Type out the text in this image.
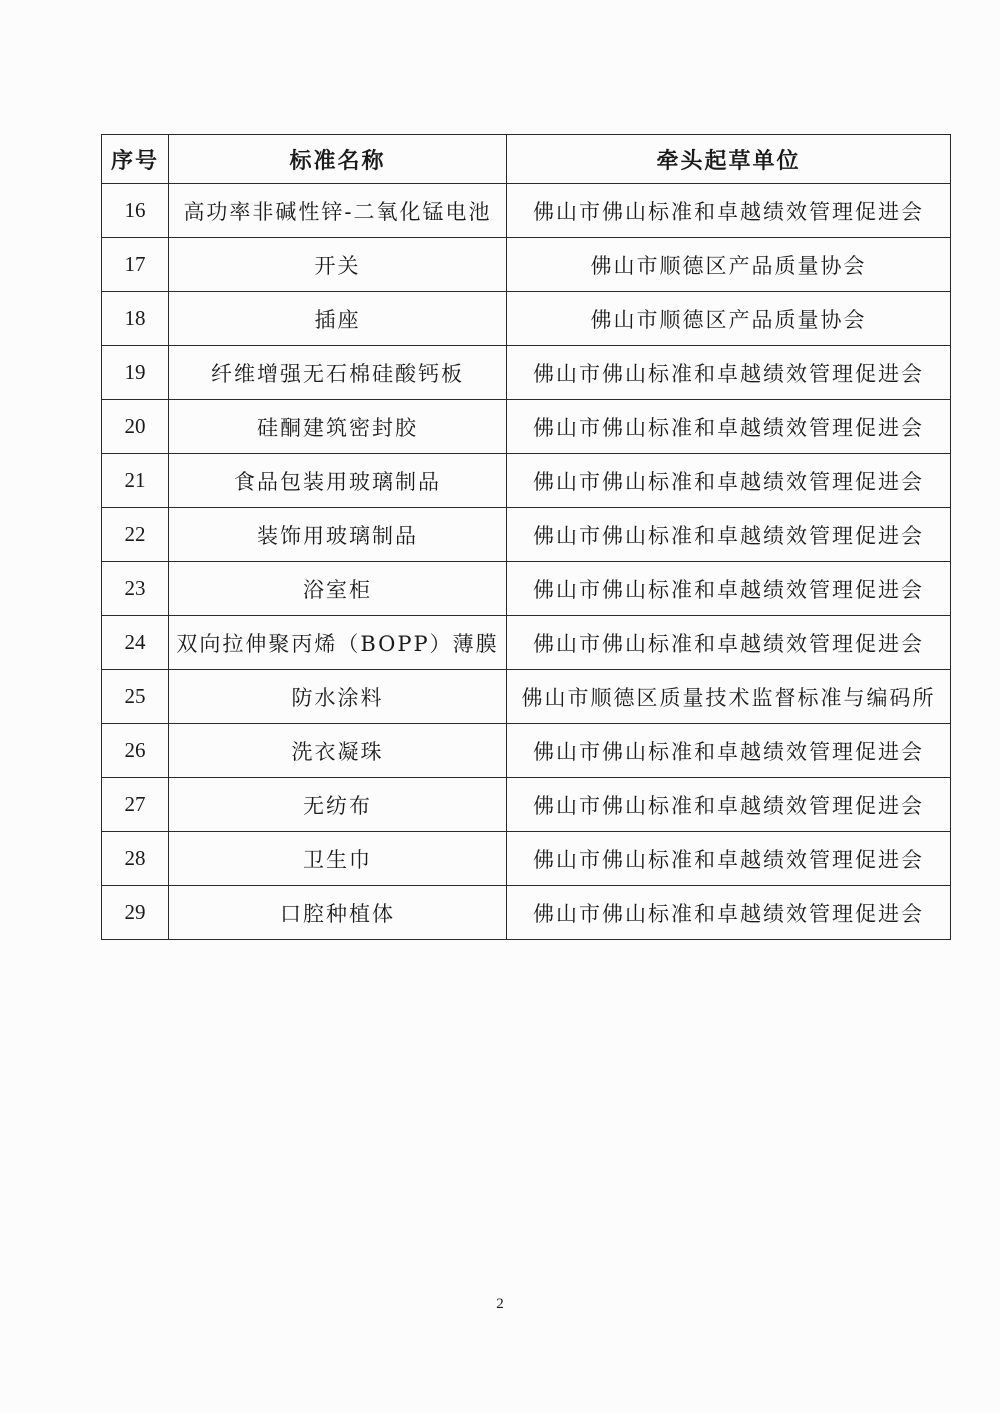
序号	标准名称	牵头起草单位
16	高功率非碱性锌-二氧化锰电池	佛山市佛山标准和卓越绩效管理促进会
17	开关	佛山市顺德区产品质量协会
18	插座	佛山市顺德区产品质量协会
19	纤维增强无石棉硅酸钙板	佛山市佛山标准和卓越绩效管理促进会
20	硅酮建筑密封胶	佛山市佛山标准和卓越绩效管理促进会
21	食品包装用玻璃制品	佛山市佛山标准和卓越绩效管理促进会
22	装饰用玻璃制品	佛山市佛山标准和卓越绩效管理促进会
23	浴室柜	佛山市佛山标准和卓越绩效管理促进会
24	双向拉伸聚丙烯（BOPP）薄膜	佛山市佛山标准和卓越绩效管理促进会
25	防水涂料	佛山市顺德区质量技术监督标准与编码所
26	洗衣凝珠	佛山市佛山标准和卓越绩效管理促进会
27	无纺布	佛山市佛山标准和卓越绩效管理促进会
28	卫生巾	佛山市佛山标准和卓越绩效管理促进会
29	口腔种植体	佛山市佛山标准和卓越绩效管理促进会
2
